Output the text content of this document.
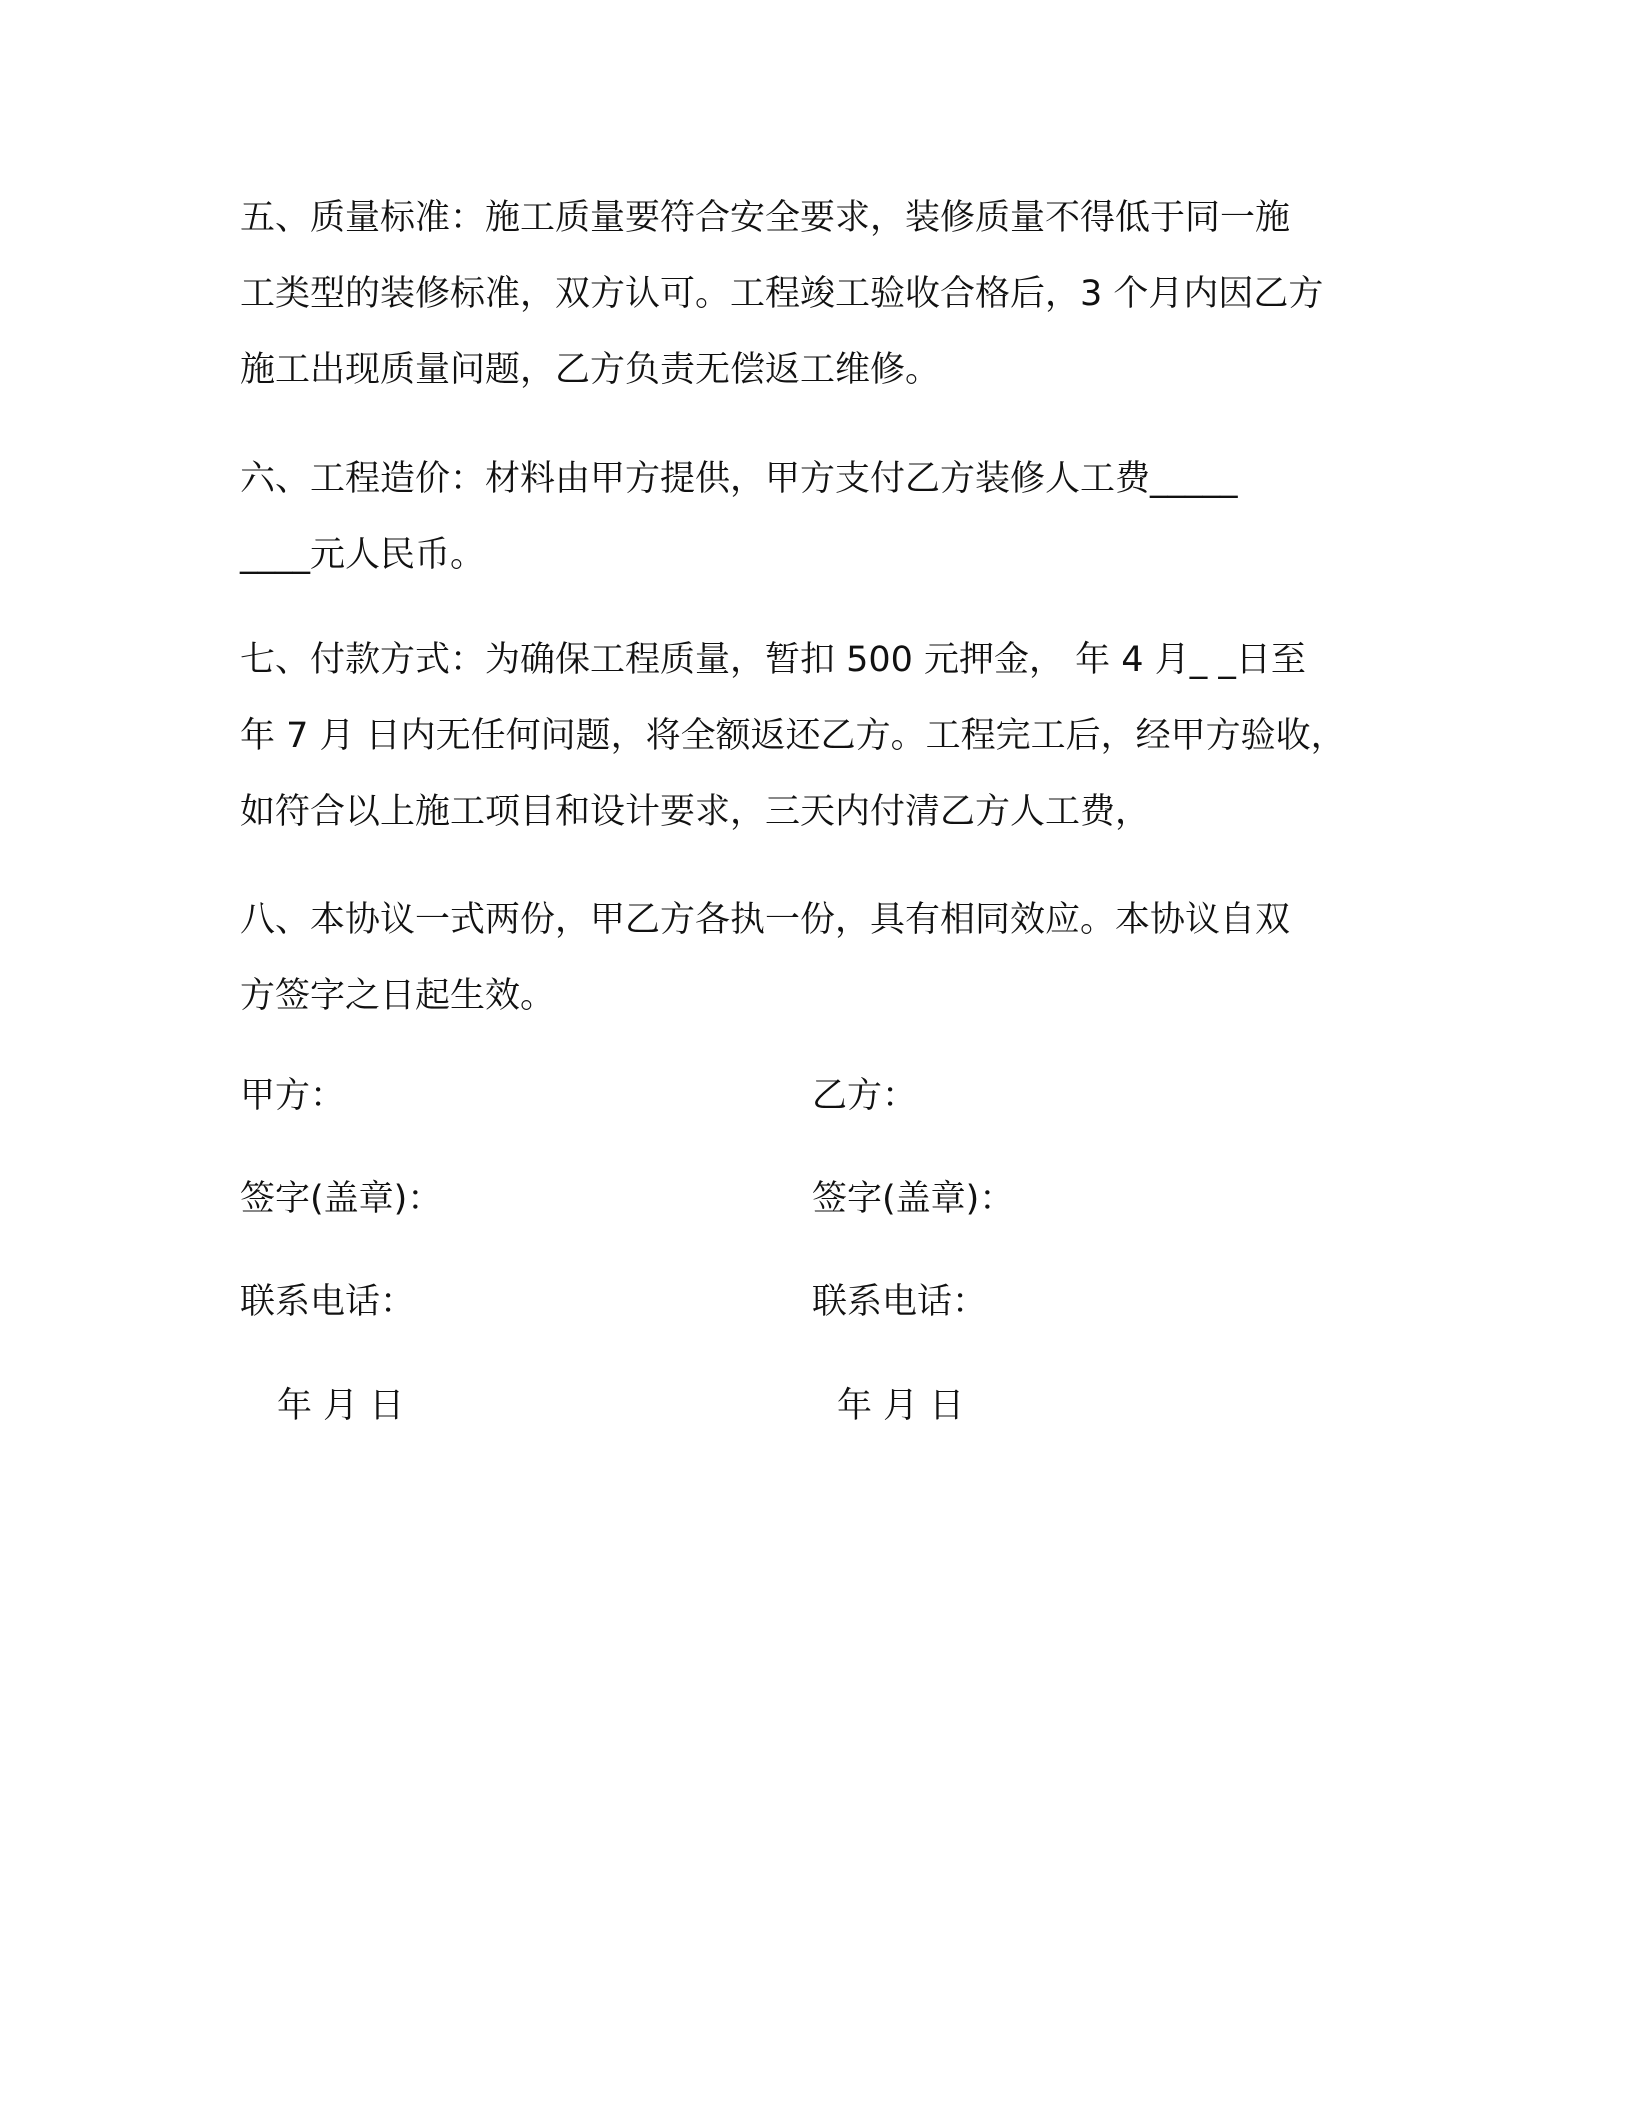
五、质量标准：施工质量要符合安全要求，装修质量不得低于同一施
工类型的装修标准，双方认可。工程竣工验收合格后，3 个月内因乙方
施工出现质量问题，乙方负责无偿返工维修。
六、工程造价：材料由甲方提供，甲方支付乙方装修人工费_____
____元人民币。
七、付款方式：为确保工程质量，暂扣 500 元押金， 年 4 月_ _日至
年 7 月 日内无任何问题，将全额返还乙方。工程完工后，经甲方验收，
如符合以上施工项目和设计要求，三天内付清乙方人工费，
八、本协议一式两份，甲乙方各执一份，具有相同效应。本协议自双
方签字之日起生效。

甲方：

签字(盖章)：

联系电话：

年 月 日

乙方：

签字(盖章)：

联系电话：

年 月 日
